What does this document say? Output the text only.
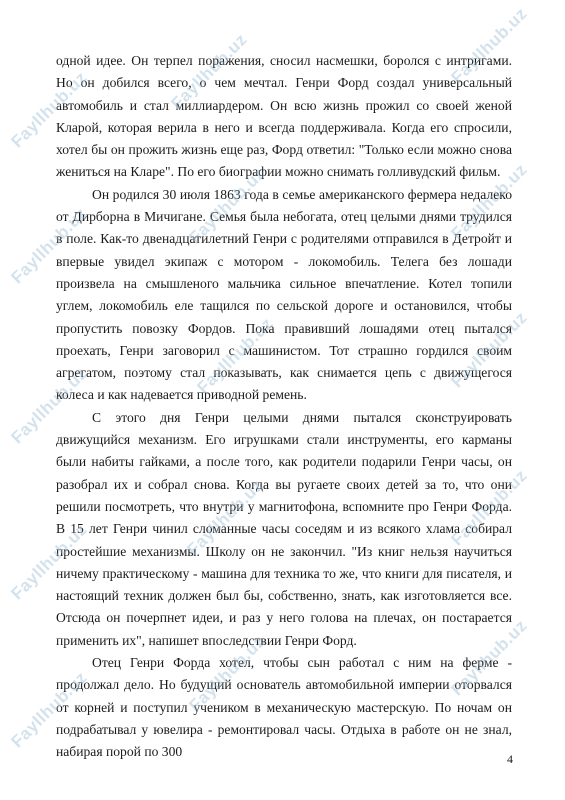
одной идее. Он терпел поражения, сносил насмешки, боролся с интригами. Но он добился всего, о чем мечтал. Генри Форд создал универсальный автомобиль и стал миллиардером. Он всю жизнь прожил со своей женой Кларой, которая верила в него и всегда поддерживала. Когда его спросили, хотел бы он прожить жизнь еще раз, Форд ответил: "Только если можно снова жениться на Кларе". По его биографии можно снимать голливудский фильм.

Он родился 30 июля 1863 года в семье американского фермера недалеко от Дирборна в Мичигане. Семья была небогата, отец целыми днями трудился в поле. Как-то двенадцатилетний Генри с родителями отправился в Детройт и впервые увидел экипаж с мотором - локомобиль. Телега без лошади произвела на смышленого мальчика сильное впечатление. Котел топили углем, локомобиль еле тащился по сельской дороге и остановился, чтобы пропустить повозку Фордов. Пока правивший лошадями отец пытался проехать, Генри заговорил с машинистом. Тот страшно гордился своим агрегатом, поэтому стал показывать, как снимается цепь с движущегося колеса и как надевается приводной ремень.

С этого дня Генри целыми днями пытался сконструировать движущийся механизм. Его игрушками стали инструменты, его карманы были набиты гайками, а после того, как родители подарили Генри часы, он разобрал их и собрал снова. Когда вы ругаете своих детей за то, что они решили посмотреть, что внутри у магнитофона, вспомните про Генри Форда. В 15 лет Генри чинил сломанные часы соседям и из всякого хлама собирал простейшие механизмы. Школу он не закончил. "Из книг нельзя научиться ничему практическому - машина для техника то же, что книги для писателя, и настоящий техник должен был бы, собственно, знать, как изготовляется все. Отсюда он почерпнет идеи, и раз у него голова на плечах, он постарается применить их", напишет впоследствии Генри Форд.

Отец Генри Форда хотел, чтобы сын работал с ним на ферме - продолжал дело. Но будущий основатель автомобильной империи оторвался от корней и поступил учеником в механическую мастерскую. По ночам он подрабатывал у ювелира - ремонтировал часы. Отдыха в работе он не знал, набирая порой по 300	4
Fayllhub.uz	Fayllhub.uz	Fayllhub.uz
Fayllhub.uz	Fayllhub.uz	Fayllhub.uz
Fayllhub.uz
Fayllhub.uz	Fayllhub.uz
Fayllhub.uz
Fayllhub.uz	Fayllhub.uz
Fayllhub.uz	Fayllhub.uz	Fayllhub.uz
